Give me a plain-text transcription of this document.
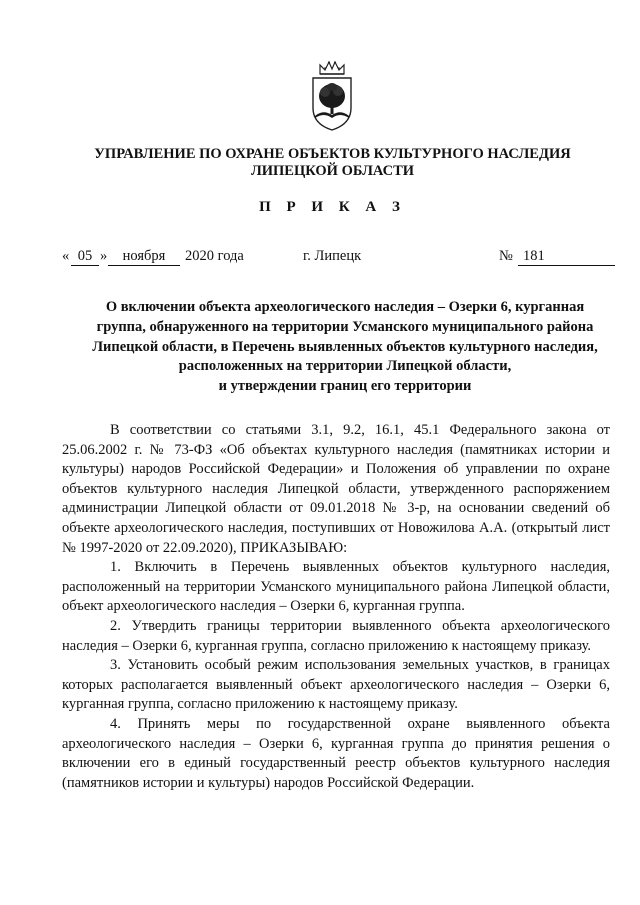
УПРАВЛЕНИЕ ПО ОХРАНЕ ОБЪЕКТОВ КУЛЬТУРНОГО НАСЛЕДИЯ
ЛИПЕЦКОЙ ОБЛАСТИ
П Р И К А З
« 05 »	ноября	2020 года	г. Липецк	№ 181
О включении объекта археологического наследия – Озерки 6, курганная
группа, обнаруженного на территории Усманского муниципального района
Липецкой области, в Перечень выявленных объектов культурного наследия,
расположенных на территории Липецкой области,
и утверждении границ его территории

В соответствии со статьями 3.1, 9.2, 16.1, 45.1 Федерального закона от 25.06.2002 г. № 73-ФЗ «Об объектах культурного наследия (памятниках истории и культуры) народов Российской Федерации» и Положения об управлении по охране объектов культурного наследия Липецкой области, утвержденного распоряжением администрации Липецкой области от 09.01.2018 № 3-р, на основании сведений об объекте археологического наследия, поступивших от Новожилова А.А. (открытый лист № 1997-2020 от 22.09.2020), ПРИКАЗЫВАЮ:

1. Включить в Перечень выявленных объектов культурного наследия, расположенный на территории Усманского муниципального района Липецкой области, объект археологического наследия – Озерки 6, курганная группа.

2. Утвердить границы территории выявленного объекта археологического наследия – Озерки 6, курганная группа, согласно приложению к настоящему приказу.

3. Установить особый режим использования земельных участков, в границах которых располагается выявленный объект археологического наследия – Озерки 6, курганная группа, согласно приложению к настоящему приказу.

4. Принять меры по государственной охране выявленного объекта археологического наследия – Озерки 6, курганная группа до принятия решения о включении его в единый государственный реестр объектов культурного наследия (памятников истории и культуры) народов Российской Федерации.
